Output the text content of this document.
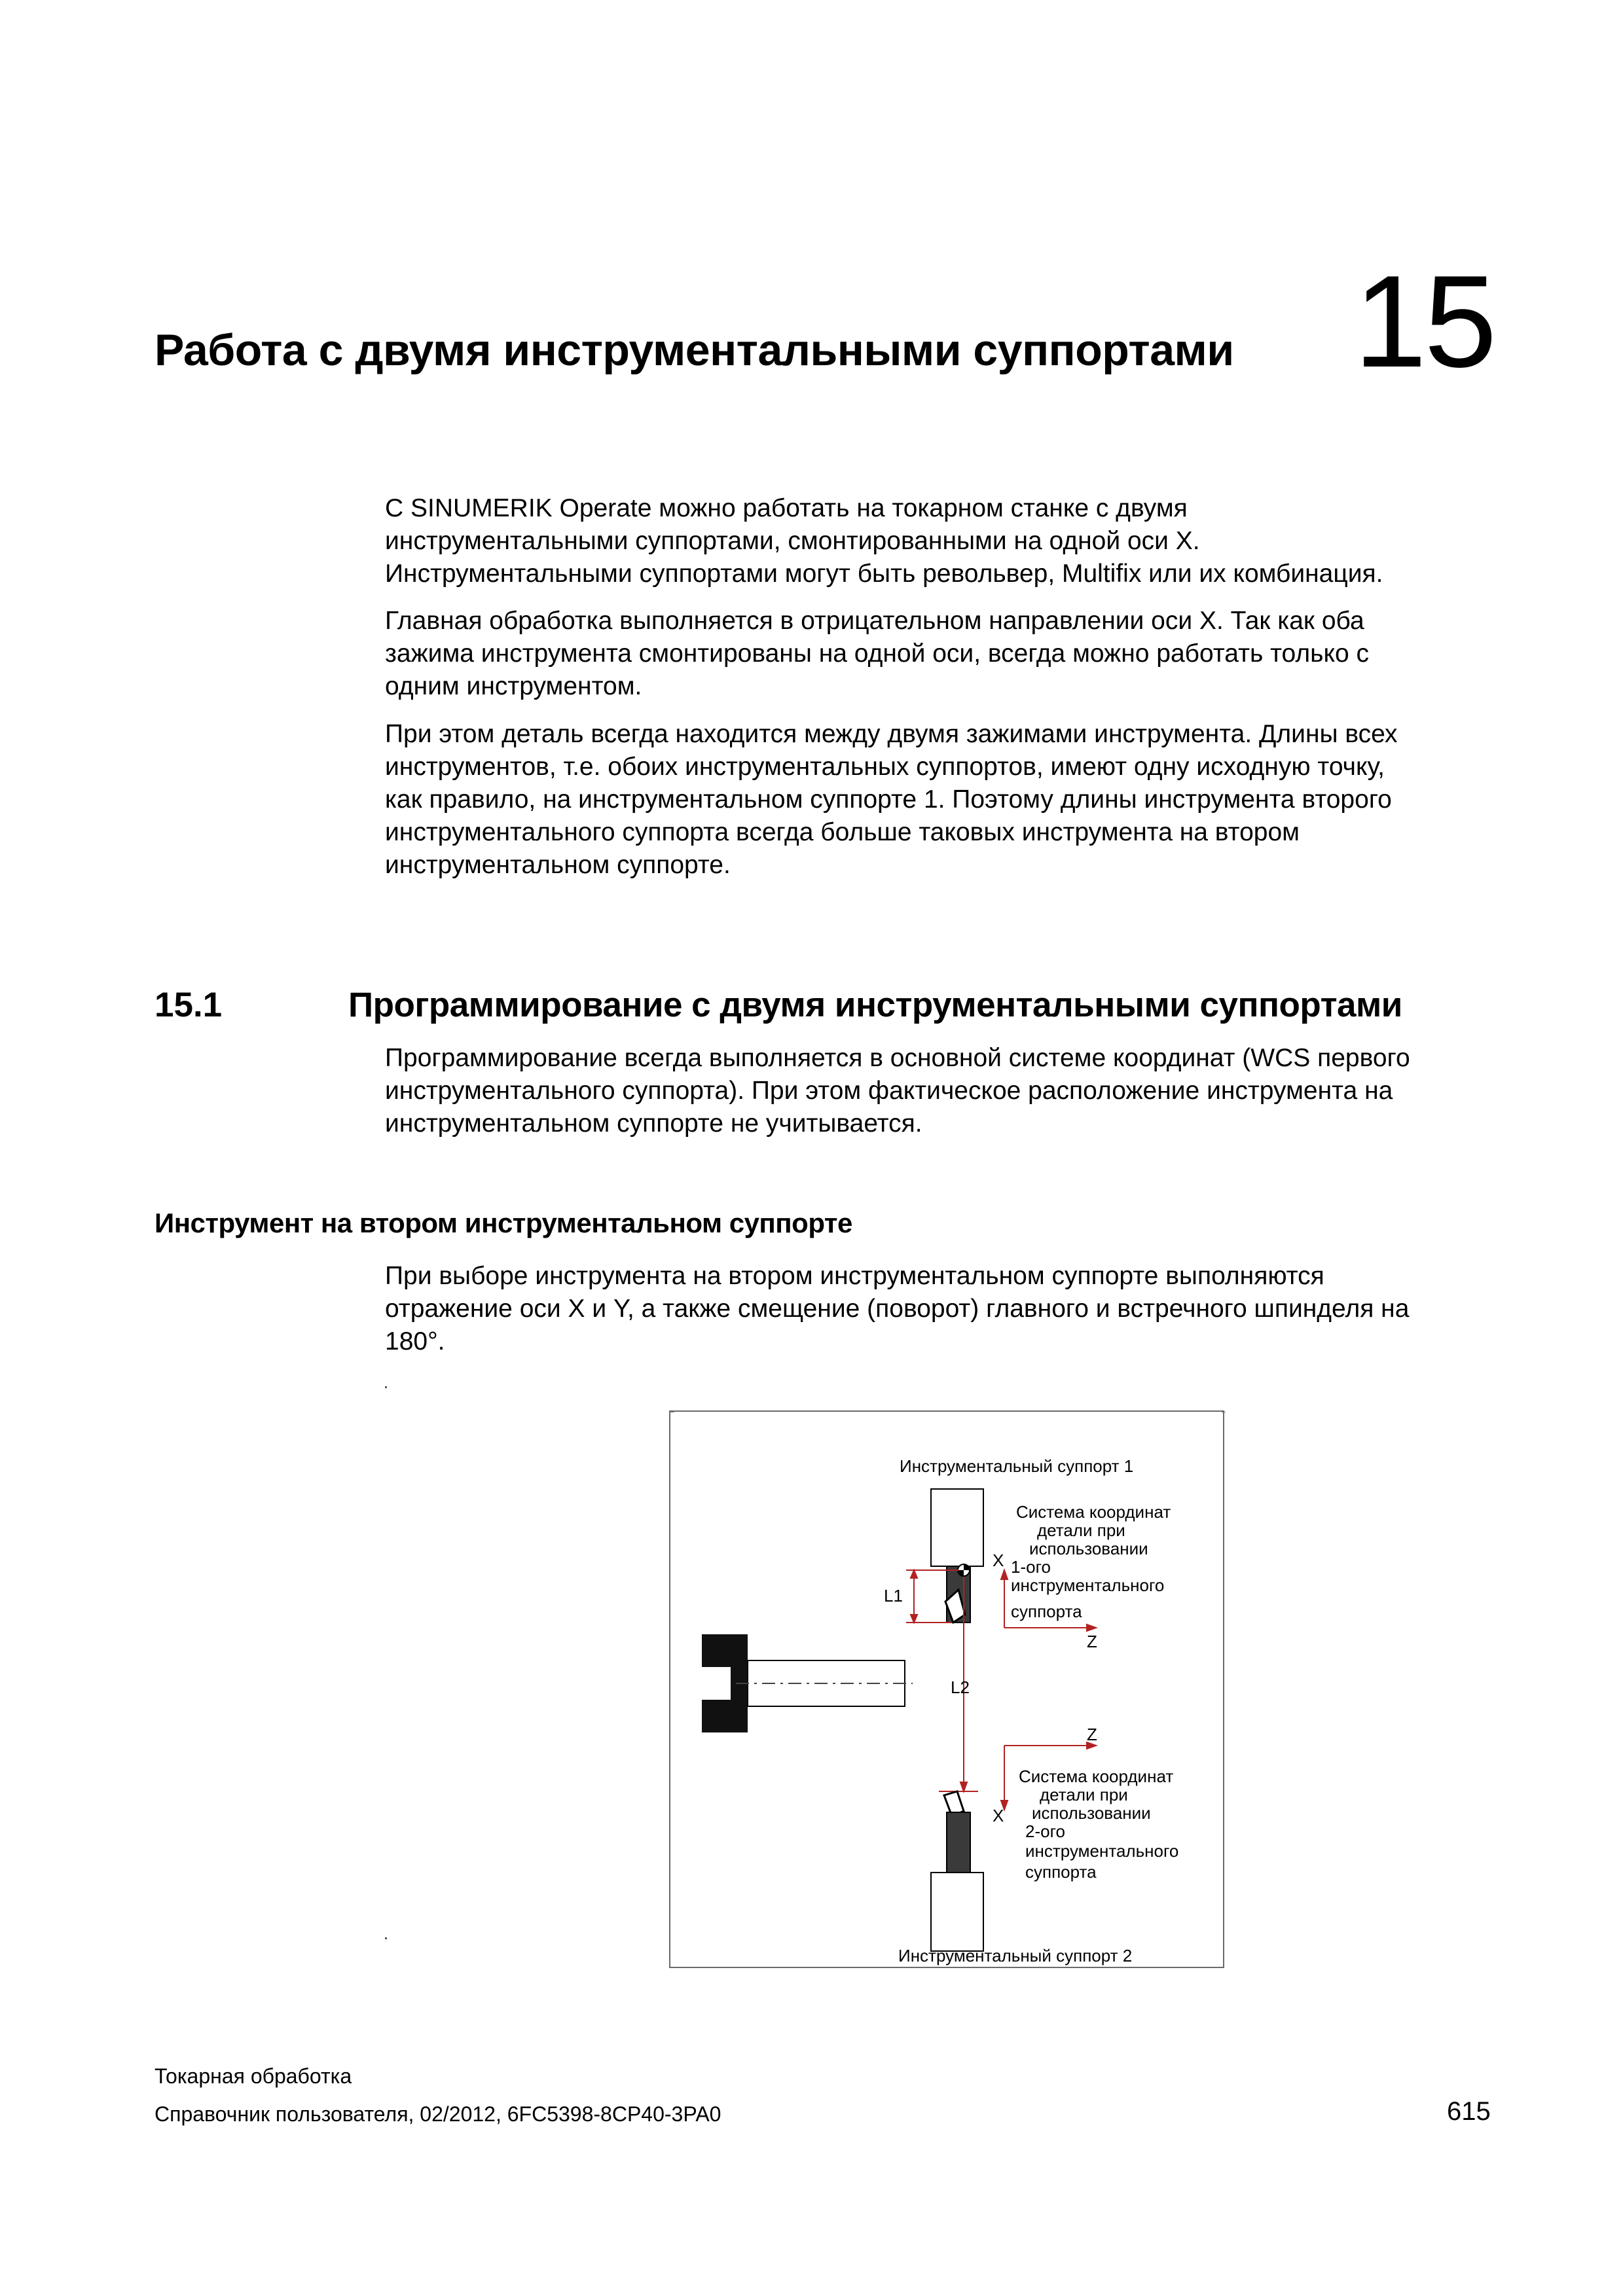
Работа с двумя инструментальными суппортами 15
С SINUMERIK Operate можно работать на токарном станке с двумя
инструментальными суппортами, смонтированными на одной оси X.
Инструментальными суппортами могут быть револьвер, Multifix или их комбинация.
Главная обработка выполняется в отрицательном направлении оси X. Так как оба
зажима инструмента смонтированы на одной оси, всегда можно работать только с
одним инструментом.
При этом деталь всегда находится между двумя зажимами инструмента. Длины всех
инструментов, т.е. обоих инструментальных суппортов, имеют одну исходную точку,
как правило, на инструментальном суппорте 1. Поэтому длины инструмента второго
инструментального суппорта всегда больше таковых инструмента на втором
инструментальном суппорте.
15.1	Программирование с двумя инструментальными суппортами
Программирование всегда выполняется в основной системе координат (WCS первого
инструментального суппорта). При этом фактическое расположение инструмента на
инструментальном суппорте не учитывается.
Инструмент на втором инструментальном суппорте
При выборе инструмента на втором инструментальном суппорте выполняются
отражение оси X и Y, а также смещение (поворот) главного и встречного шпинделя на
180°.
Инструментальный суппорт 1
Инструментальный суппорт 2
X
Z
Z
X
L1
L2
Система координат
детали при
использовании
1-ого
инструментального
суппорта
Система координат
детали при
использовании
2-ого
инструментального
суппорта
Токарная обработка
Справочник пользователя, 02/2012, 6FC5398-8CP40-3PA0	615
